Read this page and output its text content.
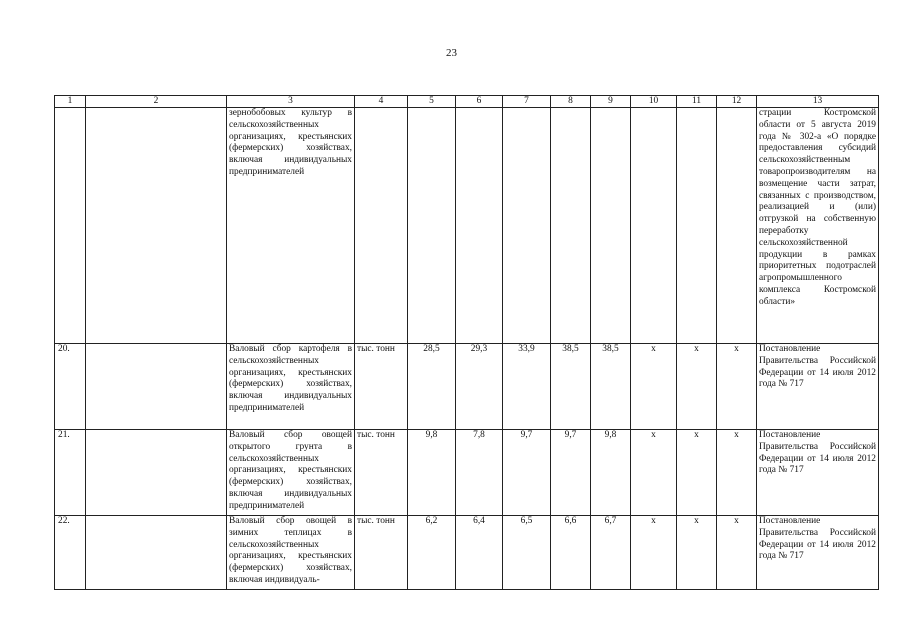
23
1	2	3	4	5	6	7	8	9	10	11	12	13
		зернобобовых культур в сельскохозяйственных организациях, крестьянских (фермерских) хозяйствах, включая индивидуальных предпринимателей										страции Костромской области от 5 августа 2019 года № 302-а «О порядке предоставления субсидий сельскохозяйственным товаропроизводителям на возмещение части затрат, связанных с производством, реализацией и (или) отгрузкой на собственную переработку сельскохозяйственной продукции в рамках приоритетных подотраслей агропромышленного комплекса Костромской области»
20.		Валовый сбор картофеля в сельскохозяйственных организациях, крестьянских (фермерских) хозяйствах, включая индивидуальных предпринимателей	тыс. тонн	28,5	29,3	33,9	38,5	38,5	х	х	х	Постановление Правительства Российской Федерации от 14 июля 2012 года № 717
21.		Валовый сбор овощей открытого грунта в сельскохозяйственных организациях, крестьянских (фермерских) хозяйствах, включая индивидуальных предпринимателей	тыс. тонн	9,8	7,8	9,7	9,7	9,8	х	х	х	Постановление Правительства Российской Федерации от 14 июля 2012 года № 717
22.		Валовый сбор овощей в зимних теплицах в сельскохозяйственных организациях, крестьянских (фермерских) хозяйствах, включая индивидуаль-	тыс. тонн	6,2	6,4	6,5	6,6	6,7	х	х	х	Постановление Правительства Российской Федерации от 14 июля 2012 года № 717
